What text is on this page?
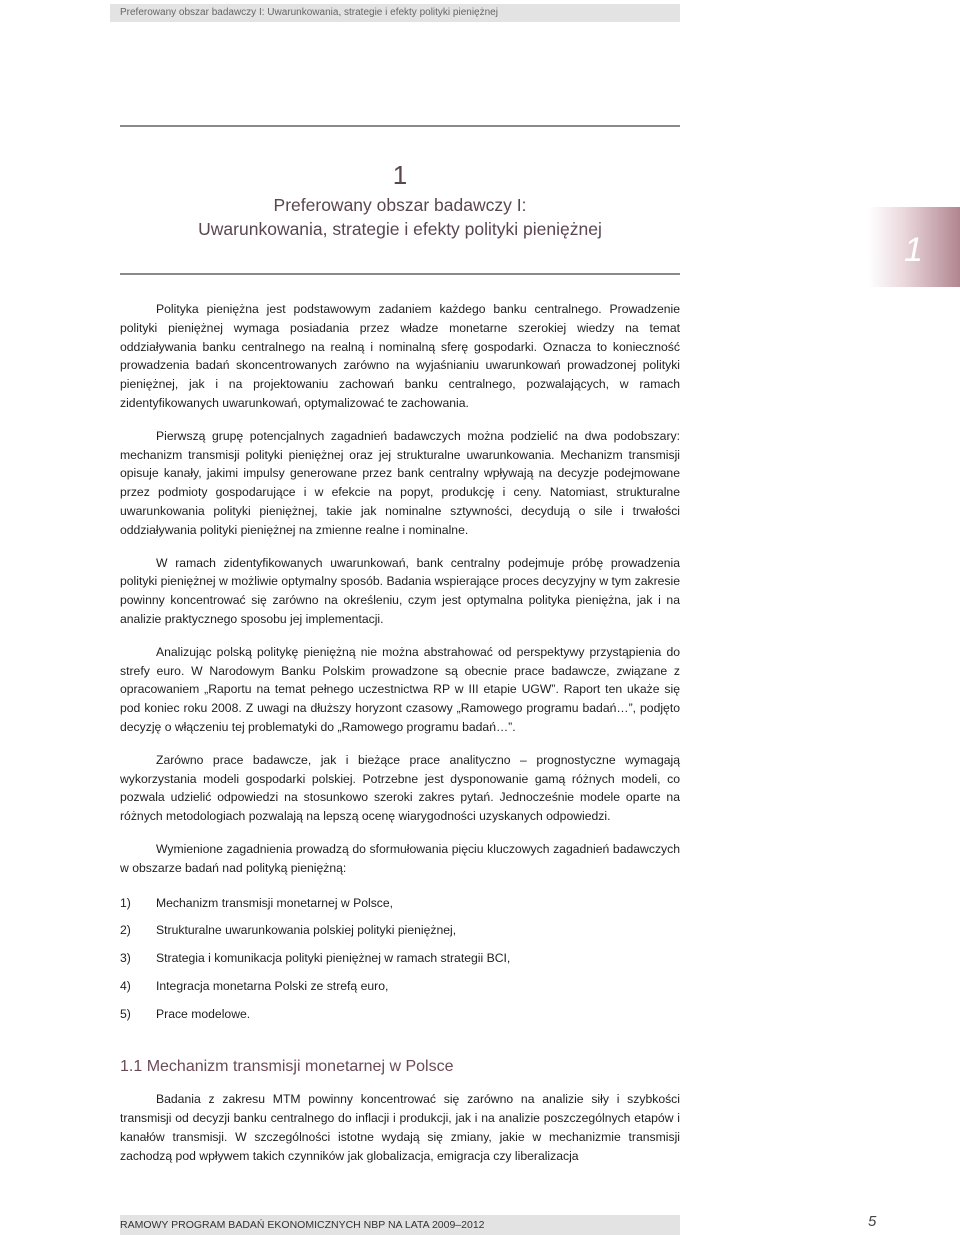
Preferowany obszar badawczy I: Uwarunkowania, strategie i efekty polityki pieniężnej
1
Preferowany obszar badawczy I:
Uwarunkowania, strategie i efekty polityki pieniężnej
1

Polityka pieniężna jest podstawowym zadaniem każdego banku centralnego. Prowadzenie polityki pieniężnej wymaga posiadania przez władze monetarne szerokiej wiedzy na temat oddziaływania banku centralnego na realną i nominalną sferę gospodarki. Oznacza to konieczność prowadzenia badań skoncentrowanych zarówno na wyjaśnianiu uwarunkowań prowadzonej polityki pieniężnej, jak i na projektowaniu zachowań banku centralnego, pozwalających, w ramach zidentyfikowanych uwarunkowań, optymalizować te zachowania.

Pierwszą grupę potencjalnych zagadnień badawczych można podzielić na dwa podobszary: mechanizm transmisji polityki pieniężnej oraz jej strukturalne uwarunkowania. Mechanizm transmisji opisuje kanały, jakimi impulsy generowane przez bank centralny wpływają na decyzje podejmowane przez podmioty gospodarujące i w efekcie na popyt, produkcję i ceny. Natomiast, strukturalne uwarunkowania polityki pieniężnej, takie jak nominalne sztywności, decydują o sile i trwałości oddziaływania polityki pieniężnej na zmienne realne i nominalne.

W ramach zidentyfikowanych uwarunkowań, bank centralny podejmuje próbę prowadzenia polityki pieniężnej w możliwie optymalny sposób. Badania wspierające proces decyzyjny w tym zakresie powinny koncentrować się zarówno na określeniu, czym jest optymalna polityka pieniężna, jak i na analizie praktycznego sposobu jej implementacji.

Analizując polską politykę pieniężną nie można abstrahować od perspektywy przystąpienia do strefy euro. W Narodowym Banku Polskim prowadzone są obecnie prace badawcze, związane z opracowaniem „Raportu na temat pełnego uczestnictwa RP w III etapie UGW”. Raport ten ukaże się pod koniec roku 2008. Z uwagi na dłuższy horyzont czasowy „Ramowego programu badań…”, podjęto decyzję o włączeniu tej problematyki do „Ramowego programu badań…”.

Zarówno prace badawcze, jak i bieżące prace analityczno – prognostyczne wymagają wykorzystania modeli gospodarki polskiej. Potrzebne jest dysponowanie gamą różnych modeli, co pozwala udzielić odpowiedzi na stosunkowo szeroki zakres pytań. Jednocześnie modele oparte na różnych metodologiach pozwalają na lepszą ocenę wiarygodności uzyskanych odpowiedzi.

Wymienione zagadnienia prowadzą do sformułowania pięciu kluczowych zagadnień badawczych w obszarze badań nad polityką pieniężną:

1)	Mechanizm transmisji monetarnej w Polsce,
2)	Strukturalne uwarunkowania polskiej polityki pieniężnej,
3)	Strategia i komunikacja polityki pieniężnej w ramach strategii BCI,
4)	Integracja monetarna Polski ze strefą euro,
5)	Prace modelowe.
1.1 Mechanizm transmisji monetarnej w Polsce

Badania z zakresu MTM powinny koncentrować się zarówno na analizie siły i szybkości transmisji od decyzji banku centralnego do inflacji i produkcji, jak i na analizie poszczególnych etapów i kanałów transmisji. W szczególności istotne wydają się zmiany, jakie w mechanizmie transmisji zachodzą pod wpływem takich czynników jak globalizacja, emigracja czy liberalizacja

RAMOWY PROGRAM BADAŃ EKONOMICZNYCH NBP NA LATA 2009–2012	5
